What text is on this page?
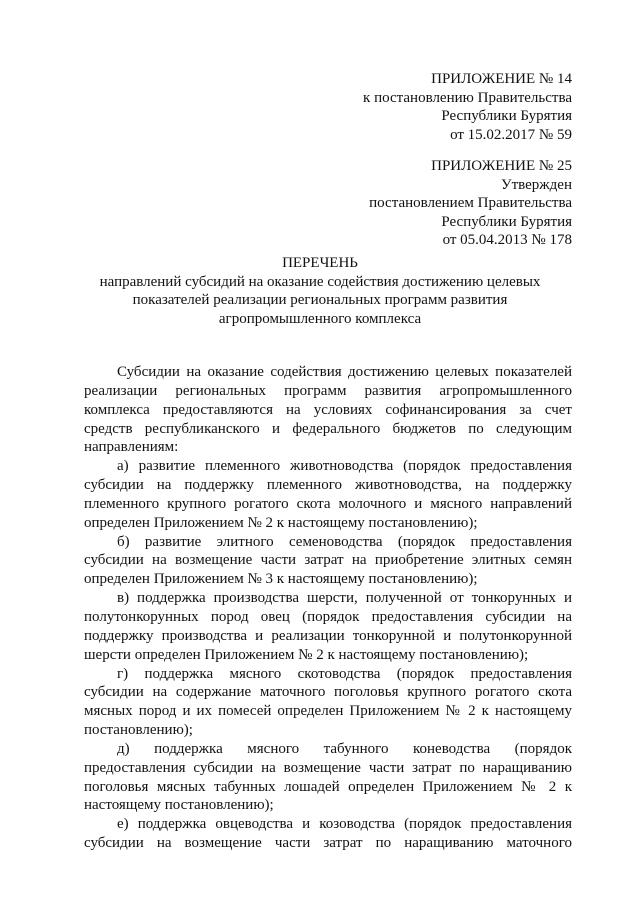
ПРИЛОЖЕНИЕ № 14
к постановлению Правительства
Республики Бурятия
от 15.02.2017 № 59
ПРИЛОЖЕНИЕ № 25
Утвержден
постановлением Правительства
Республики Бурятия
от 05.04.2013 № 178
ПЕРЕЧЕНЬ
направлений субсидий на оказание содействия достижению целевых
показателей реализации региональных программ развития
агропромышленного комплекса
Субсидии на оказание содействия достижению целевых показателей
реализации региональных программ развития агропромышленного
комплекса предоставляются на условиях софинансирования за счет
средств республиканского и федерального бюджетов по следующим
направлениям:
а) развитие племенного животноводства (порядок предоставления
субсидии на поддержку племенного животноводства, на поддержку
племенного крупного рогатого скота молочного и мясного направлений
определен Приложением № 2 к настоящему постановлению);
б) развитие элитного семеноводства (порядок предоставления
субсидии на возмещение части затрат на приобретение элитных семян
определен Приложением № 3 к настоящему постановлению);
в) поддержка производства шерсти, полученной от тонкорунных и
полутонкорунных пород овец (порядок предоставления субсидии на
поддержку производства и реализации тонкорунной и полутонкорунной
шерсти определен Приложением № 2 к настоящему постановлению);
г) поддержка мясного скотоводства (порядок предоставления
субсидии на содержание маточного поголовья крупного рогатого скота
мясных пород и их помесей определен Приложением № 2 к настоящему
постановлению);
д) поддержка мясного табунного коневодства (порядок
предоставления субсидии на возмещение части затрат по наращиванию
поголовья мясных табунных лошадей определен Приложением № 2 к
настоящему постановлению);
е) поддержка овцеводства и козоводства (порядок предоставления
субсидии на возмещение части затрат по наращиванию маточного
